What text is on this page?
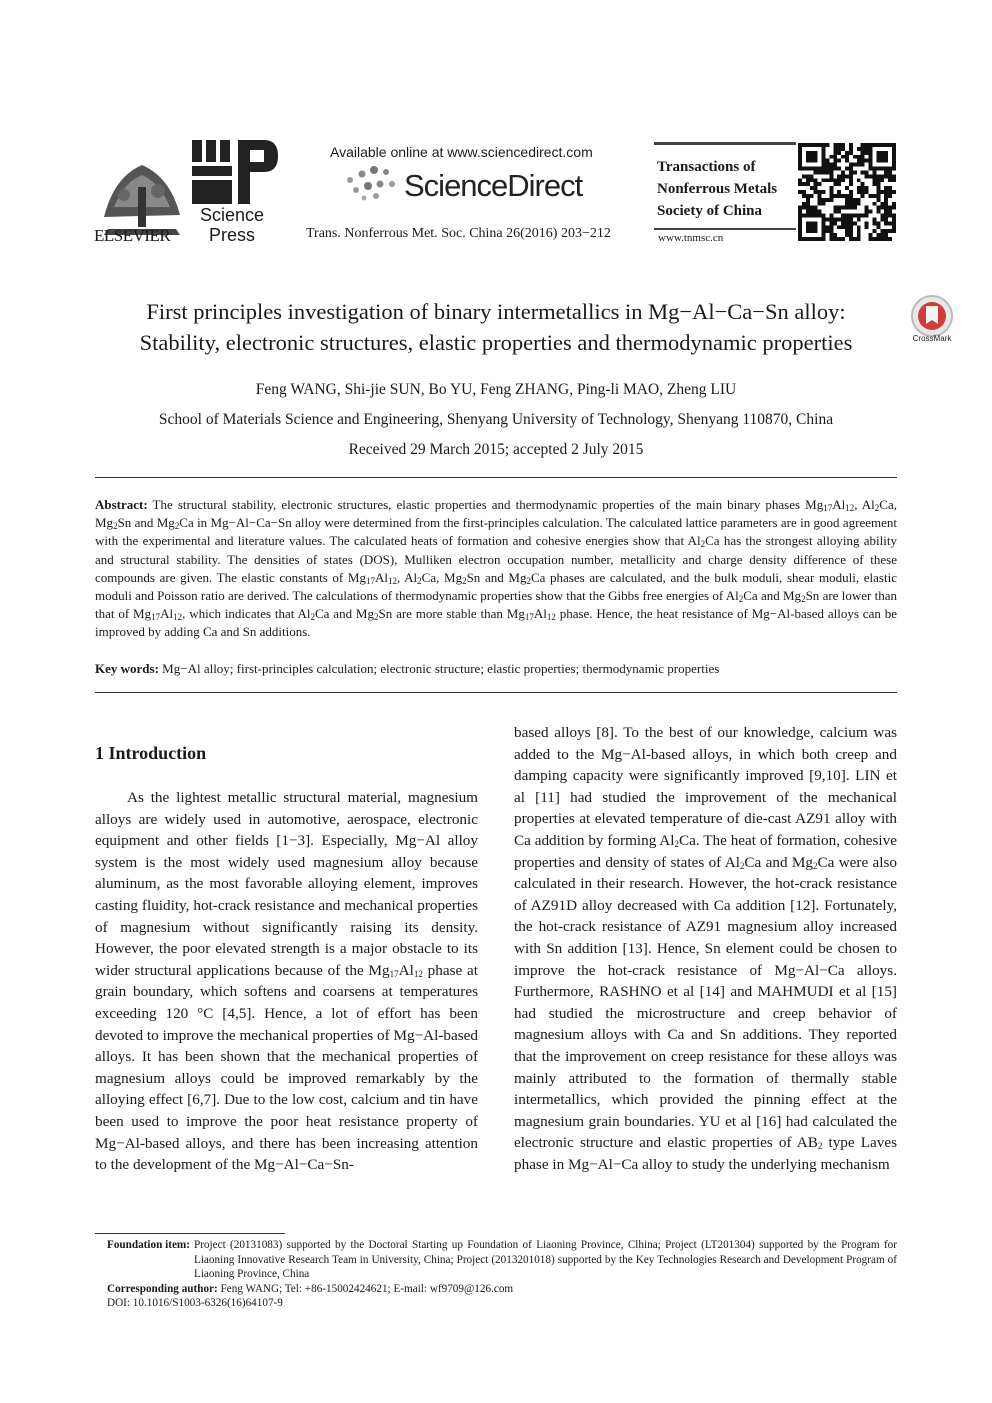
ELSEVIER
Science Press
Available online at www.sciencedirect.com
ScienceDirect
Trans. Nonferrous Met. Soc. China 26(2016) 203−212
Transactions of
Nonferrous Metals
Society of China
www.tnmsc.cn
First principles investigation of binary intermetallics in Mg−Al−Ca−Sn alloy:
Stability, electronic structures, elastic properties and thermodynamic properties	CrossMark
Feng WANG, Shi-jie SUN, Bo YU, Feng ZHANG, Ping-li MAO, Zheng LIU
School of Materials Science and Engineering, Shenyang University of Technology, Shenyang 110870, China
Received 29 March 2015; accepted 2 July 2015
Abstract: The structural stability, electronic structures, elastic properties and thermodynamic properties of the main binary phases $Mg_{17}Al_{12}$, $Al_2Ca$, $Mg_2Sn$ and $Mg_2Ca$ in Mg−Al−Ca−Sn alloy were determined from the first-principles calculation. The calculated lattice parameters are in good agreement with the experimental and literature values. The calculated heats of formation and cohesive energies show that $Al_2Ca$ has the strongest alloying ability and structural stability. The densities of states (DOS), Mulliken electron occupation number, metallicity and charge density difference of these compounds are given. The elastic constants of $Mg_{17}Al_{12}$, $Al_2Ca$, $Mg_2Sn$ and $Mg_2Ca$ phases are calculated, and the bulk moduli, shear moduli, elastic moduli and Poisson ratio are derived. The calculations of thermodynamic properties show that the Gibbs free energies of $Al_2Ca$ and $Mg_2Sn$ are lower than that of $Mg_{17}Al_{12}$, which indicates that $Al_2Ca$ and $Mg_2Sn$ are more stable than $Mg_{17}Al_{12}$ phase. Hence, the heat resistance of Mg−Al-based alloys can be improved by adding Ca and Sn additions.
Key words: Mg−Al alloy; first-principles calculation; electronic structure; elastic properties; thermodynamic properties
1 Introduction

As the lightest metallic structural material, magnesium alloys are widely used in automotive, aerospace, electronic equipment and other fields [1−3]. Especially, Mg−Al alloy system is the most widely used magnesium alloy because aluminum, as the most favorable alloying element, improves casting fluidity, hot-crack resistance and mechanical properties of magnesium without significantly raising its density. However, the poor elevated strength is a major obstacle to its wider structural applications because of the $Mg_{17}Al_{12}$ phase at grain boundary, which softens and coarsens at temperatures exceeding 120 °C [4,5]. Hence, a lot of effort has been devoted to improve the mechanical properties of Mg−Al-based alloys. It has been shown that the mechanical properties of magnesium alloys could be improved remarkably by the alloying effect [6,7]. Due to the low cost, calcium and tin have been used to improve the poor heat resistance property of Mg−Al-based alloys, and there has been increasing attention to the development of the Mg−Al−Ca−Sn-

based alloys [8]. To the best of our knowledge, calcium was added to the Mg−Al-based alloys, in which both creep and damping capacity were significantly improved [9,10]. LIN et al [11] had studied the improvement of the mechanical properties at elevated temperature of die-cast AZ91 alloy with Ca addition by forming $Al_2Ca$. The heat of formation, cohesive properties and density of states of $Al_2Ca$ and $Mg_2Ca$ were also calculated in their research. However, the hot-crack resistance of AZ91D alloy decreased with Ca addition [12]. Fortunately, the hot-crack resistance of AZ91 magnesium alloy increased with Sn addition [13]. Hence, Sn element could be chosen to improve the hot-crack resistance of Mg−Al−Ca alloys. Furthermore, RASHNO et al [14] and MAHMUDI et al [15] had studied the microstructure and creep behavior of magnesium alloys with Ca and Sn additions. They reported that the improvement on creep resistance for these alloys was mainly attributed to the formation of thermally stable intermetallics, which provided the pinning effect at the magnesium grain boundaries. YU et al [16] had calculated the electronic structure and elastic properties of $AB_2$ type Laves phase in Mg−Al−Ca alloy to study the underlying mechanism

Foundation item: Project (20131083) supported by the Doctoral Starting up Foundation of Liaoning Province, Clhina; Project (LT201304) supported by the Program for Liaoning Innovative Research Team in University, China; Project (2013201018) supported by the Key Technologies Research and Development Program of Liaoning Province, China
Corresponding author: Feng WANG; Tel: +86-15002424621; E-mail: wf9709@126.com
DOI: 10.1016/S1003-6326(16)64107-9
